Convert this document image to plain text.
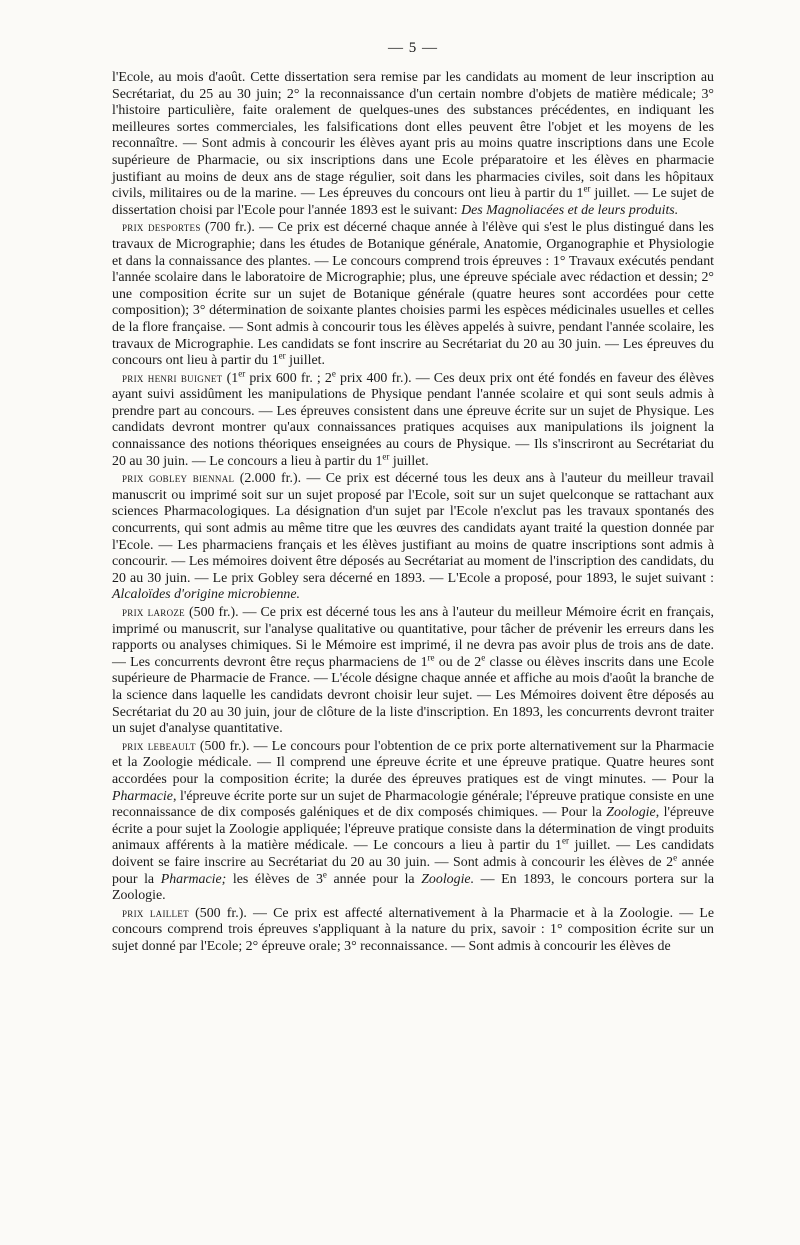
— 5 —

l'Ecole, au mois d'août. Cette dissertation sera remise par les candidats au moment de leur inscription au Secrétariat, du 25 au 30 juin; 2° la reconnaissance d'un certain nombre d'objets de matière médicale; 3° l'histoire particulière, faite oralement de quelques-unes des substances précédentes, en indiquant les meilleures sortes commerciales, les falsifications dont elles peuvent être l'objet et les moyens de les reconnaître. — Sont admis à concourir les élèves ayant pris au moins quatre inscriptions dans une Ecole supérieure de Pharmacie, ou six inscriptions dans une Ecole préparatoire et les élèves en pharmacie justifiant au moins de deux ans de stage régulier, soit dans les pharmacies civiles, soit dans les hôpitaux civils, militaires ou de la marine. — Les épreuves du concours ont lieu à partir du 1er juillet. — Le sujet de dissertation choisi par l'Ecole pour l'année 1893 est le suivant: Des Magnoliacées et de leurs produits.

prix desportes (700 fr.). — Ce prix est décerné chaque année à l'élève qui s'est le plus distingué dans les travaux de Micrographie; dans les études de Botanique générale, Anatomie, Organographie et Physiologie et dans la connaissance des plantes. — Le concours comprend trois épreuves : 1° Travaux exécutés pendant l'année scolaire dans le laboratoire de Micrographie; plus, une épreuve spéciale avec rédaction et dessin; 2° une composition écrite sur un sujet de Botanique générale (quatre heures sont accordées pour cette composition); 3° détermination de soixante plantes choisies parmi les espèces médicinales usuelles et celles de la flore française. — Sont admis à concourir tous les élèves appelés à suivre, pendant l'année scolaire, les travaux de Micrographie. Les candidats se font inscrire au Secrétariat du 20 au 30 juin. — Les épreuves du concours ont lieu à partir du 1er juillet.

prix henri buignet (1er prix 600 fr. ; 2e prix 400 fr.). — Ces deux prix ont été fondés en faveur des élèves ayant suivi assidûment les manipulations de Physique pendant l'année scolaire et qui sont seuls admis à prendre part au concours. — Les épreuves consistent dans une épreuve écrite sur un sujet de Physique. Les candidats devront montrer qu'aux connaissances pratiques acquises aux manipulations ils joignent la connaissance des notions théoriques enseignées au cours de Physique. — Ils s'inscriront au Secrétariat du 20 au 30 juin. — Le concours a lieu à partir du 1er juillet.

prix gobley biennal (2.000 fr.). — Ce prix est décerné tous les deux ans à l'auteur du meilleur travail manuscrit ou imprimé soit sur un sujet proposé par l'Ecole, soit sur un sujet quelconque se rattachant aux sciences Pharmacologiques. La désignation d'un sujet par l'Ecole n'exclut pas les travaux spontanés des concurrents, qui sont admis au même titre que les œuvres des candidats ayant traité la question donnée par l'Ecole. — Les pharmaciens français et les élèves justifiant au moins de quatre inscriptions sont admis à concourir. — Les mémoires doivent être déposés au Secrétariat au moment de l'inscription des candidats, du 20 au 30 juin. — Le prix Gobley sera décerné en 1893. — L'Ecole a proposé, pour 1893, le sujet suivant : Alcaloïdes d'origine microbienne.

prix laroze (500 fr.). — Ce prix est décerné tous les ans à l'auteur du meilleur Mémoire écrit en français, imprimé ou manuscrit, sur l'analyse qualitative ou quantitative, pour tâcher de prévenir les erreurs dans les rapports ou analyses chimiques. Si le Mémoire est imprimé, il ne devra pas avoir plus de trois ans de date. — Les concurrents devront être reçus pharmaciens de 1re ou de 2e classe ou élèves inscrits dans une Ecole supérieure de Pharmacie de France. — L'école désigne chaque année et affiche au mois d'août la branche de la science dans laquelle les candidats devront choisir leur sujet. — Les Mémoires doivent être déposés au Secrétariat du 20 au 30 juin, jour de clôture de la liste d'inscription. En 1893, les concurrents devront traiter un sujet d'analyse quantitative.

prix lebeault (500 fr.). — Le concours pour l'obtention de ce prix porte alternativement sur la Pharmacie et la Zoologie médicale. — Il comprend une épreuve écrite et une épreuve pratique. Quatre heures sont accordées pour la composition écrite; la durée des épreuves pratiques est de vingt minutes. — Pour la Pharmacie, l'épreuve écrite porte sur un sujet de Pharmacologie générale; l'épreuve pratique consiste en une reconnaissance de dix composés galéniques et de dix composés chimiques. — Pour la Zoologie, l'épreuve écrite a pour sujet la Zoologie appliquée; l'épreuve pratique consiste dans la détermination de vingt produits animaux afférents à la matière médicale. — Le concours a lieu à partir du 1er juillet. — Les candidats doivent se faire inscrire au Secrétariat du 20 au 30 juin. — Sont admis à concourir les élèves de 2e année pour la Pharmacie; les élèves de 3e année pour la Zoologie. — En 1893, le concours portera sur la Zoologie.

prix laillet (500 fr.). — Ce prix est affecté alternativement à la Pharmacie et à la Zoologie. — Le concours comprend trois épreuves s'appliquant à la nature du prix, savoir : 1° composition écrite sur un sujet donné par l'Ecole; 2° épreuve orale; 3° reconnaissance. — Sont admis à concourir les élèves de
